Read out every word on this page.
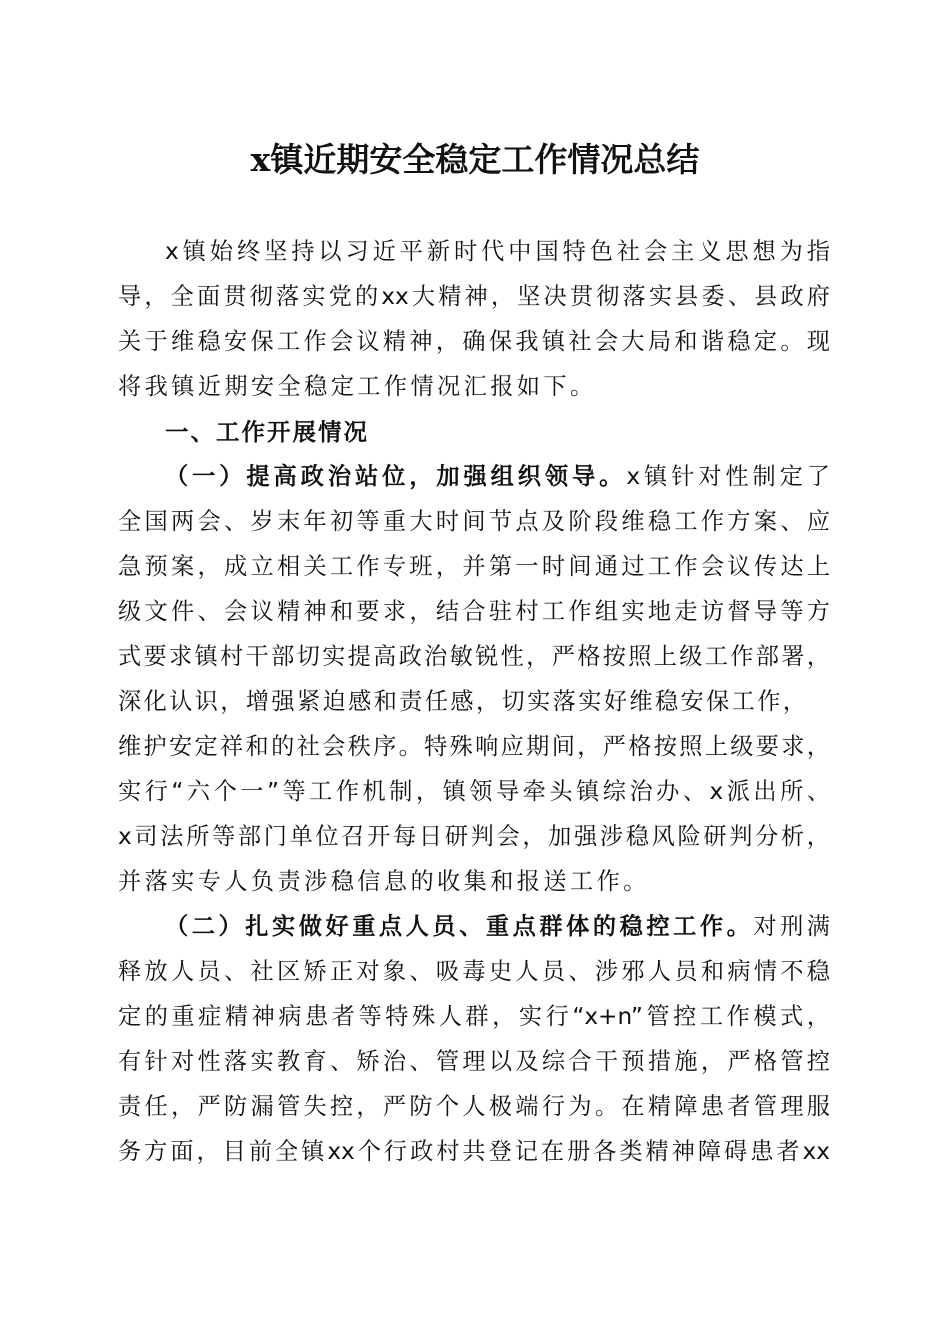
x镇近期安全稳定工作情况总结
x镇始终坚持以习近平新时代中国特色社会主义思想为指
导，全面贯彻落实党的xx大精神，坚决贯彻落实县委、县政府
关于维稳安保工作会议精神，确保我镇社会大局和谐稳定。现
将我镇近期安全稳定工作情况汇报如下。
一、工作开展情况
（一）提高政治站位，加强组织领导。x镇针对性制定了
全国两会、岁末年初等重大时间节点及阶段维稳工作方案、应
急预案，成立相关工作专班，并第一时间通过工作会议传达上
级文件、会议精神和要求，结合驻村工作组实地走访督导等方
式要求镇村干部切实提高政治敏锐性，严格按照上级工作部署，
深化认识，增强紧迫感和责任感，切实落实好维稳安保工作，
维护安定祥和的社会秩序。特殊响应期间，严格按照上级要求，
实行“六个一”等工作机制，镇领导牵头镇综治办、x派出所、
x司法所等部门单位召开每日研判会，加强涉稳风险研判分析，
并落实专人负责涉稳信息的收集和报送工作。
（二）扎实做好重点人员、重点群体的稳控工作。对刑满
释放人员、社区矫正对象、吸毒史人员、涉邪人员和病情不稳
定的重症精神病患者等特殊人群，实行“x+n”管控工作模式，
有针对性落实教育、矫治、管理以及综合干预措施，严格管控
责任，严防漏管失控，严防个人极端行为。在精障患者管理服
务方面，目前全镇xx个行政村共登记在册各类精神障碍患者xx
